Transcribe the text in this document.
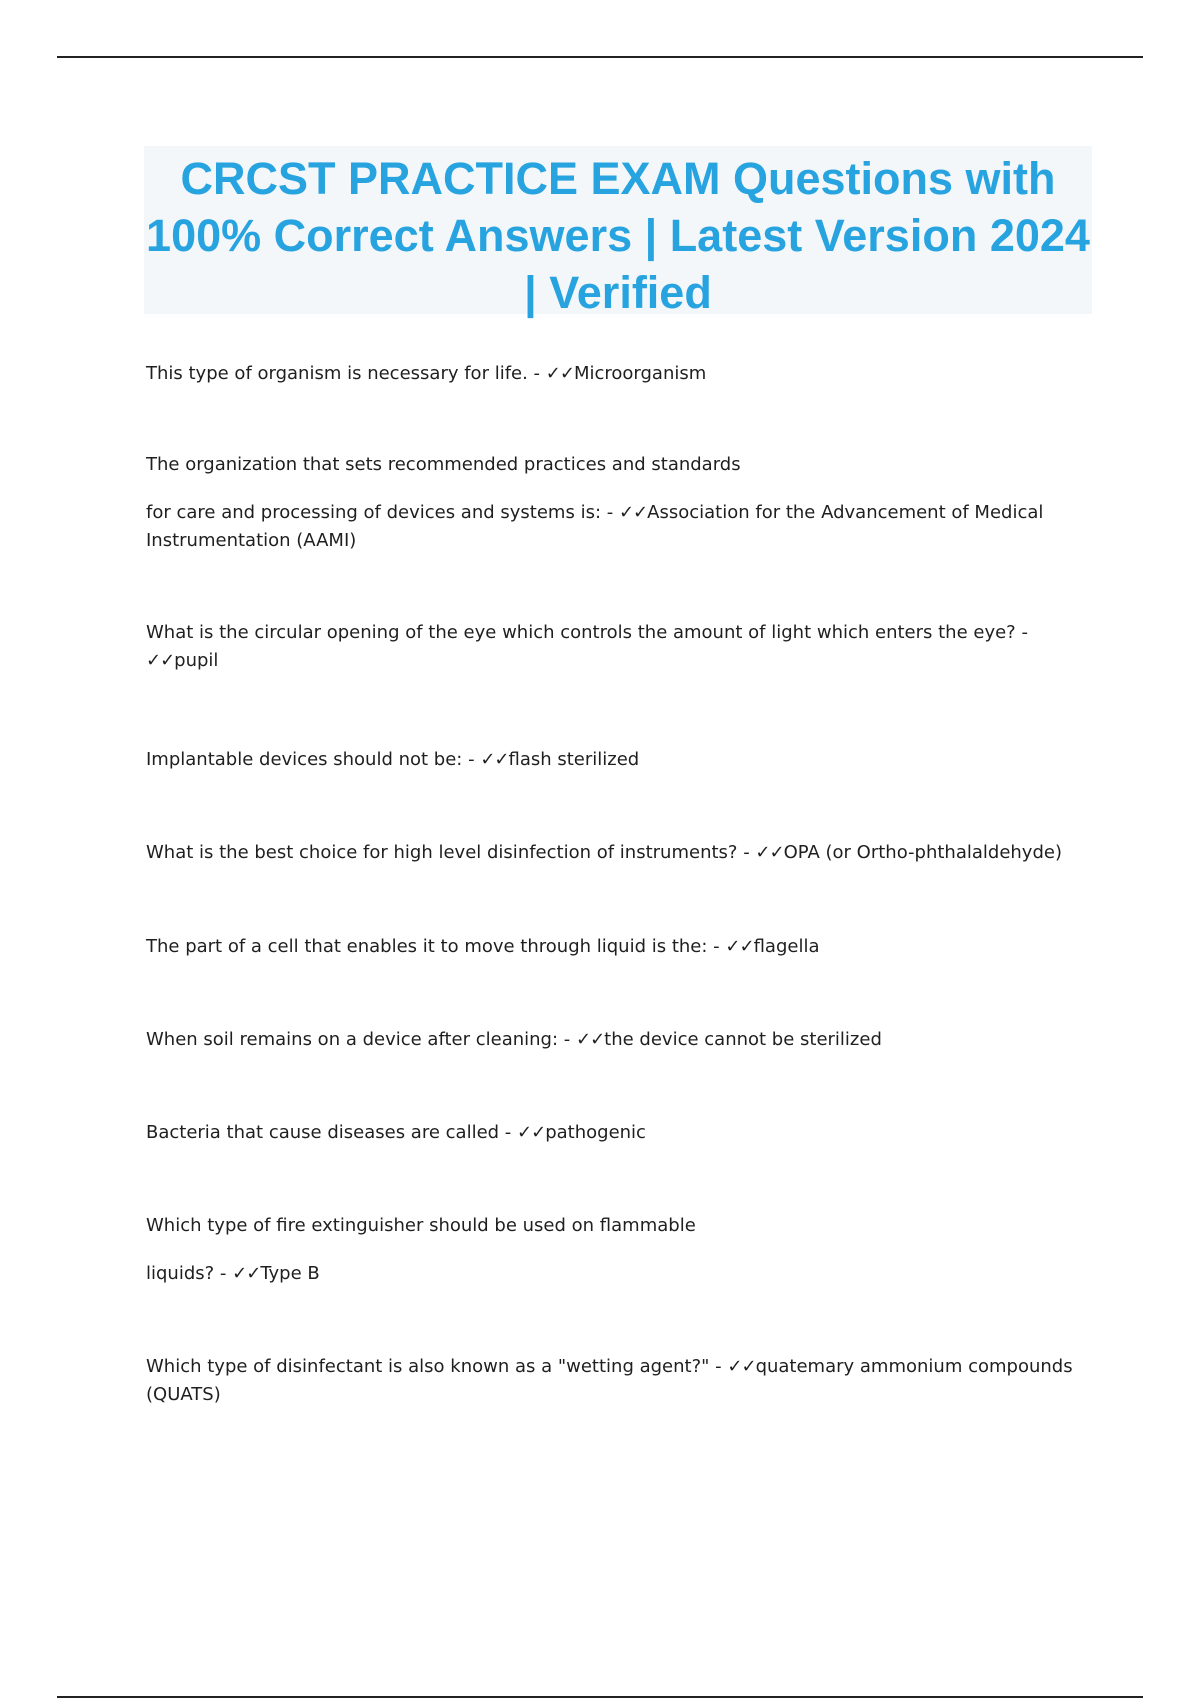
CRCST PRACTICE EXAM Questions with 100% Correct Answers | Latest Version 2024 | Verified

This type of organism is necessary for life. - ✓✓Microorganism

The organization that sets recommended practices and standards

for care and processing of devices and systems is: - ✓✓Association for the Advancement of Medical Instrumentation (AAMI)

What is the circular opening of the eye which controls the amount of light which enters the eye? - ✓✓pupil

Implantable devices should not be: - ✓✓flash sterilized

What is the best choice for high level disinfection of instruments? - ✓✓OPA (or Ortho-phthalaldehyde)

The part of a cell that enables it to move through liquid is the: - ✓✓flagella

When soil remains on a device after cleaning: - ✓✓the device cannot be sterilized

Bacteria that cause diseases are called - ✓✓pathogenic

Which type of fire extinguisher should be used on flammable

liquids? - ✓✓Type B

Which type of disinfectant is also known as a "wetting agent?" - ✓✓quatemary ammonium compounds (QUATS)
